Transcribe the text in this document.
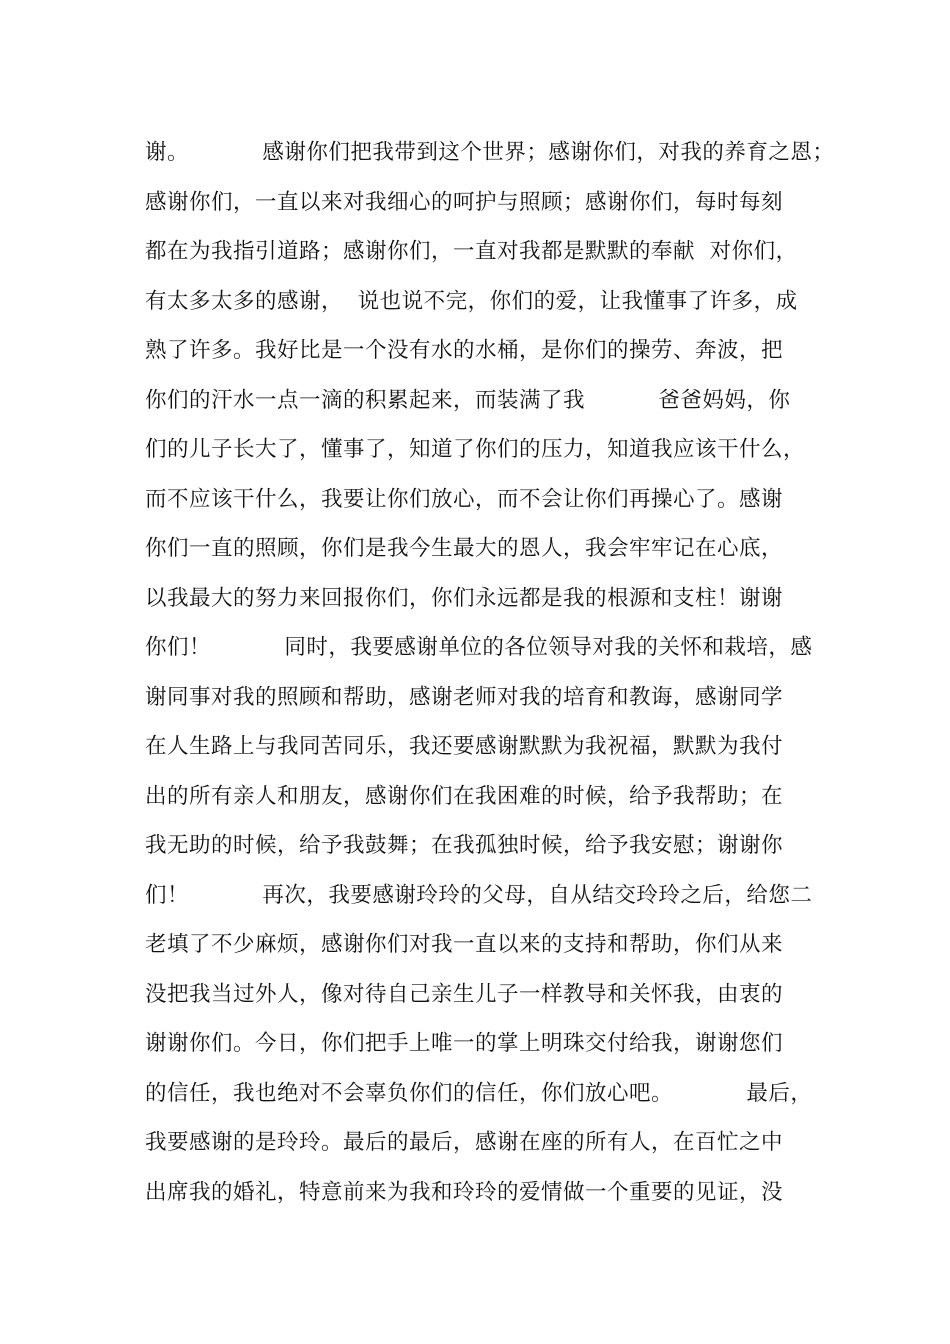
谢。          感谢你们把我带到这个世界；感谢你们，对我的养育之恩；
感谢你们，一直以来对我细心的呵护与照顾；感谢你们，每时每刻
都在为我指引道路；感谢你们，一直对我都是默默的奉献  对你们，
有太多太多的感谢，  说也说不完，你们的爱，让我懂事了许多，成
熟了许多。我好比是一个没有水的水桶，是你们的操劳、奔波，把
你们的汗水一点一滴的积累起来，而装满了我          爸爸妈妈，你
们的儿子长大了，懂事了，知道了你们的压力，知道我应该干什么，
而不应该干什么，我要让你们放心，而不会让你们再操心了。感谢
你们一直的照顾，你们是我今生最大的恩人，我会牢牢记在心底，
以我最大的努力来回报你们，你们永远都是我的根源和支柱！谢谢
你们！          同时，我要感谢单位的各位领导对我的关怀和栽培，感
谢同事对我的照顾和帮助，感谢老师对我的培育和教诲，感谢同学
在人生路上与我同苦同乐，我还要感谢默默为我祝福，默默为我付
出的所有亲人和朋友，感谢你们在我困难的时候，给予我帮助；在
我无助的时候，给予我鼓舞；在我孤独时候，给予我安慰；谢谢你
们！          再次，我要感谢玲玲的父母，自从结交玲玲之后，给您二
老填了不少麻烦，感谢你们对我一直以来的支持和帮助，你们从来
没把我当过外人，像对待自己亲生儿子一样教导和关怀我，由衷的
谢谢你们。今日，你们把手上唯一的掌上明珠交付给我，谢谢您们
的信任，我也绝对不会辜负你们的信任，你们放心吧。          最后，
我要感谢的是玲玲。最后的最后，感谢在座的所有人，在百忙之中
出席我的婚礼，特意前来为我和玲玲的爱情做一个重要的见证，没
